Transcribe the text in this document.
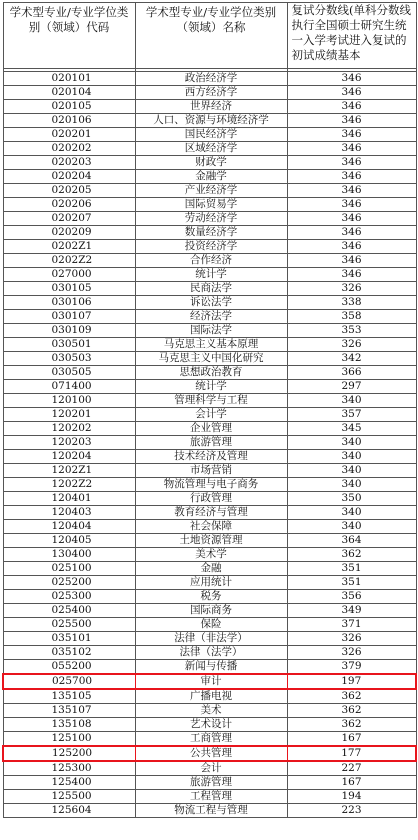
学术型专业/专业学位类 别（领域）代码	学术型专业/专业学位类别（领域）名称	复试分数线(单科分数线执行全国硕士研究生统一入学考试进入复试的初试成绩基本

020101	政治经济学	346
020104	西方经济学	346
020105	世界经济	346
020106	人口、资源与环境经济学	346
020201	国民经济学	346
020202	区域经济学	346
020203	财政学	346
020204	金融学	346
020205	产业经济学	346
020206	国际贸易学	346
020207	劳动经济学	346
020209	数量经济学	346
0202Z1	投资经济学	346
0202Z2	合作经济	346
027000	统计学	346
030105	民商法学	326
030106	诉讼法学	338
030107	经济法学	358
030109	国际法学	353
030501	马克思主义基本原理	326
030503	马克思主义中国化研究	342
030505	思想政治教育	366
071400	统计学	297
120100	管理科学与工程	340
120201	会计学	357
120202	企业管理	345
120203	旅游管理	340
120204	技术经济及管理	340
1202Z1	市场营销	340
1202Z2	物流管理与电子商务	340
120401	行政管理	350
120403	教育经济与管理	340
120404	社会保障	340
120405	土地资源管理	364
130400	美术学	362
025100	金融	351
025200	应用统计	351
025300	税务	356
025400	国际商务	349
025500	保险	371
035101	法律（非法学）	326
035102	法律（法学）	326
055200	新闻与传播	379
025700	审计	197
135105	广播电视	362
135107	美术	362
135108	艺术设计	362
125100	工商管理	167
125200	公共管理	177
125300	会计	227
125400	旅游管理	167
125500	工程管理	194
125604	物流工程与管理	223
